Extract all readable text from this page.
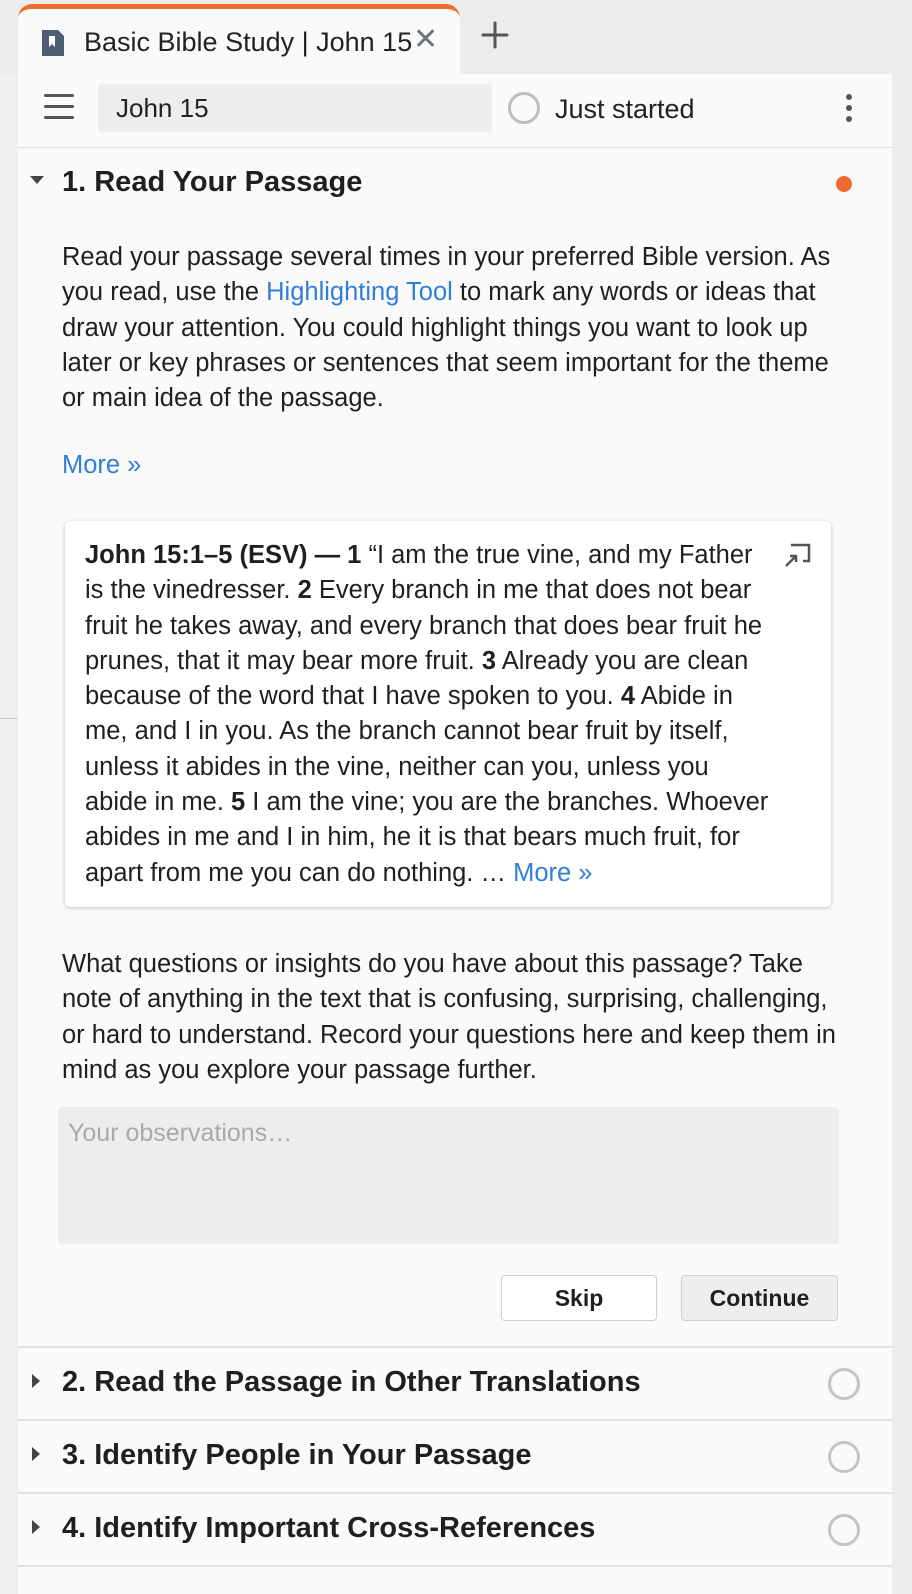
Basic Bible Study | John 15 ✕
John 15
Just started
1. Read Your Passage

Read your passage several times in your preferred Bible version. As you read, use the Highlighting Tool to mark any words or ideas that draw your attention. You could highlight things you want to look up later or key phrases or sentences that seem important for the theme or main idea of the passage.

More »

John 15:1–5 (ESV) — 1 “I am the true vine, and my Father is the vinedresser. 2 Every branch in me that does not bear fruit he takes away, and every branch that does bear fruit he prunes, that it may bear more fruit. 3 Already you are clean because of the word that I have spoken to you. 4 Abide in me, and I in you. As the branch cannot bear fruit by itself, unless it abides in the vine, neither can you, unless you abide in me. 5 I am the vine; you are the branches. Whoever abides in me and I in him, he it is that bears much fruit, for apart from me you can do nothing. … More »

What questions or insights do you have about this passage? Take note of anything in the text that is confusing, surprising, challenging, or hard to understand. Record your questions here and keep them in mind as you explore your passage further.

Your observations…
Skip	Continue
2. Read the Passage in Other Translations
3. Identify People in Your Passage
4. Identify Important Cross-References
